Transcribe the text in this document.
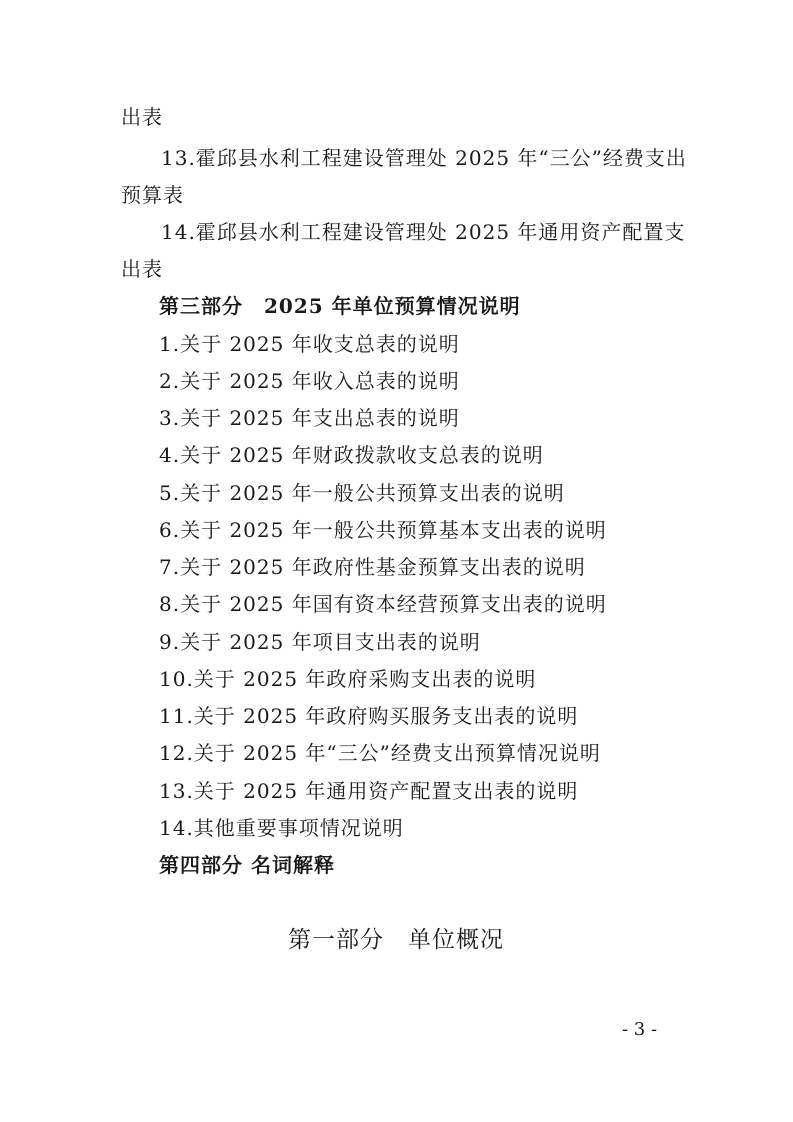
出表
13.霍邱县水利工程建设管理处 2025 年“三公”经费支出
预算表
14.霍邱县水利工程建设管理处 2025 年通用资产配置支
出表
第三部分　2025 年单位预算情况说明
1.关于 2025 年收支总表的说明
2.关于 2025 年收入总表的说明
3.关于 2025 年支出总表的说明
4.关于 2025 年财政拨款收支总表的说明
5.关于 2025 年一般公共预算支出表的说明
6.关于 2025 年一般公共预算基本支出表的说明
7.关于 2025 年政府性基金预算支出表的说明
8.关于 2025 年国有资本经营预算支出表的说明
9.关于 2025 年项目支出表的说明
10.关于 2025 年政府采购支出表的说明
11.关于 2025 年政府购买服务支出表的说明
12.关于 2025 年“三公”经费支出预算情况说明
13.关于 2025 年通用资产配置支出表的说明
14.其他重要事项情况说明
第四部分 名词解释
第一部分　单位概况
- 3 -
